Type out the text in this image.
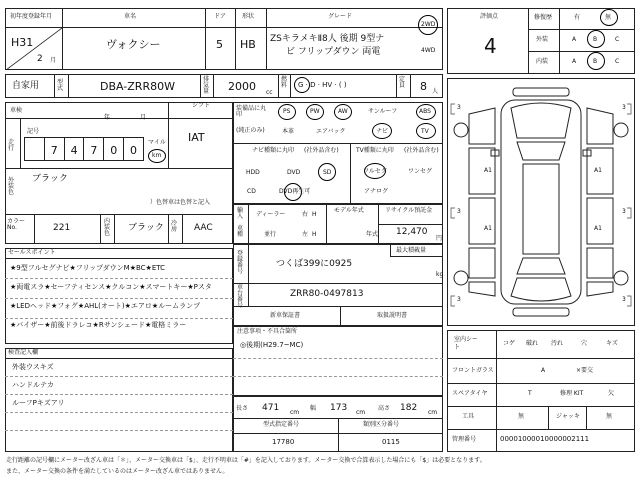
初年度登録年月
H31
2 月
車名
ヴォクシー
ドア
5
形状
HB
グレード
ZSキラメキⅡ8人 後期 9型ナ
ビ フリップダウン 両電
2WD
4WD
自家用	型式	DBA-ZRR80W
排気量 2000 cc
燃料 G · D · HV · ( )
定員 8 人
車検
年	月
シフト
IAT
走行
記号
7	4	7	0	0
マイル
km
外装色
ブラック
）色替車は色替と記入
カラーNo.	221
内装色
ブラック 冷房 AAC
装備品に丸印
(純正のみ)
PS	PW	AW	サンルーフ	ABS
本革	エアバック	ナビ	TV
ナビ種類に丸印 (社外品含む)
HDD	DVD	SD
CD	DVD再生可
TV種類に丸印 (社外品含む)
フルセグ	ワンセグ
アナログ
輸入
車種
ディーラー
並行
右 H
左 H
モデル年式
年式
リサイクル預託金
12,470
円
登録番号
つくば399に0925
最大積載量
kg
車台番号
ZRR80-0497813
新車保証書	取扱説明書
セールスポイント
★9型フルセグナビ★フリップダウンM★BC★ETC
★両電スラ★セーフティセンス★クルコン★スマートキー★Pスタ
★LEDヘッド★フォグ★AHL(オート)★エアロ★ルームランプ
★バイザー★前後ドラレコ★Rサンシェード★電格ミラー
注意事項・不具合箇所
◎後期(H29.7~MC)
検査記入欄
外装ウスキズ
ハンドルテカ
ルーフPキズアリ
長さ 471 cm
幅 173 cm
高さ 182 cm
型式指定番号
17780
類別区分番号
0115
評価点
4
修復歴	有	無
外装	A	B	C
内装	A	B	C
3	3
3	3
3	3
A1	A1
A1	A1
室内シート
コゲ 破れ 汚れ	穴	キズ
フロントガラス	A	×要交
スペアタイヤ	T	修理 KIT	欠
工具	無	ジャッキ	無
管理番号	00001000010000002111
走行距離の記号欄にメーター改ざん車は「＊」、メーター交換車は「$」、走行不明車は「#」を記入しております。メーター交換で合算表示した場合にも「$」は必要となります。
また、メーター交換の条件を満たしているのはメーター改ざん車ではありません。
